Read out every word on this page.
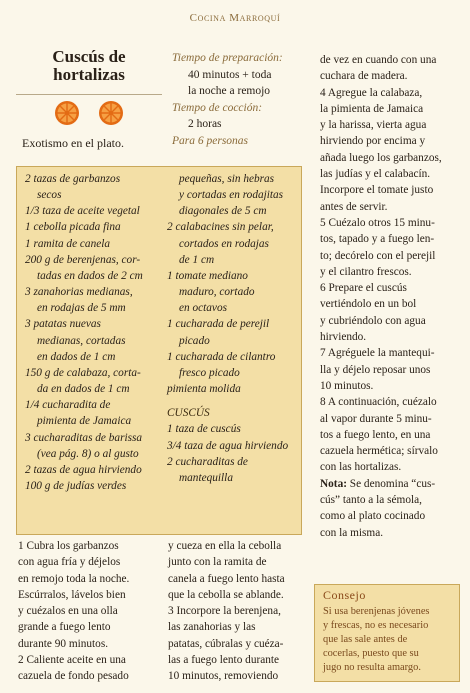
Cocina Marroquí
Cuscús de
hortalizas
Exotismo en el plato.
Tiempo de preparación:
40 minutos + toda
la noche a remojo
Tiempo de cocción:
2 horas
Para 6 personas
2 tazas de garbanzos
secos
1/3 taza de aceite vegetal
1 cebolla picada fina
1 ramita de canela
200 g de berenjenas, cor-
tadas en dados de 2 cm
3 zanahorias medianas,
en rodajas de 5 mm
3 patatas nuevas
medianas, cortadas
en dados de 1 cm
150 g de calabaza, corta-
da en dados de 1 cm
1/4 cucharadita de
pimienta de Jamaica
3 cucharaditas de barissa
(vea pág. 8) o al gusto
2 tazas de agua hirviendo
100 g de judías verdes
pequeñas, sin hebras
y cortadas en rodajitas
diagonales de 5 cm
2 calabacines sin pelar,
cortados en rodajas
de 1 cm
1 tomate mediano
maduro, cortado
en octavos
1 cucharada de perejil
picado
1 cucharada de cilantro
fresco picado
pimienta molida
CUSCÚS
1 taza de cuscús
3/4 taza de agua hirviendo
2 cucharaditas de
mantequilla
de vez en cuando con una
cuchara de madera.
4 Agregue la calabaza,
la pimienta de Jamaica
y la harissa, vierta agua
hirviendo por encima y
añada luego los garbanzos,
las judías y el calabacín.
Incorpore el tomate justo
antes de servir.
5 Cuézalo otros 15 minu-
tos, tapado y a fuego len-
to; decórelo con el perejil
y el cilantro frescos.
6 Prepare el cuscús
vertiéndolo en un bol
y cubriéndolo con agua
hirviendo.
7 Agréguele la mantequi-
lla y déjelo reposar unos
10 minutos.
8 A continuación, cuézalo
al vapor durante 5 minu-
tos a fuego lento, en una
cazuela hermética; sírvalo
con las hortalizas.
Nota: Se denomina “cus-
cús” tanto a la sémola,
como al plato cocinado
con la misma.
1 Cubra los garbanzos
con agua fría y déjelos
en remojo toda la noche.
Escúrralos, lávelos bien
y cuézalos en una olla
grande a fuego lento
durante 90 minutos.
2 Caliente aceite en una
cazuela de fondo pesado
y cueza en ella la cebolla
junto con la ramita de
canela a fuego lento hasta
que la cebolla se ablande.
3 Incorpore la berenjena,
las zanahorias y las
patatas, cúbralas y cuéza-
las a fuego lento durante
10 minutos, removiendo
Consejo
Si usa berenjenas jóvenes
y frescas, no es necesario
que las sale antes de
cocerlas, puesto que su
jugo no resulta amargo.
